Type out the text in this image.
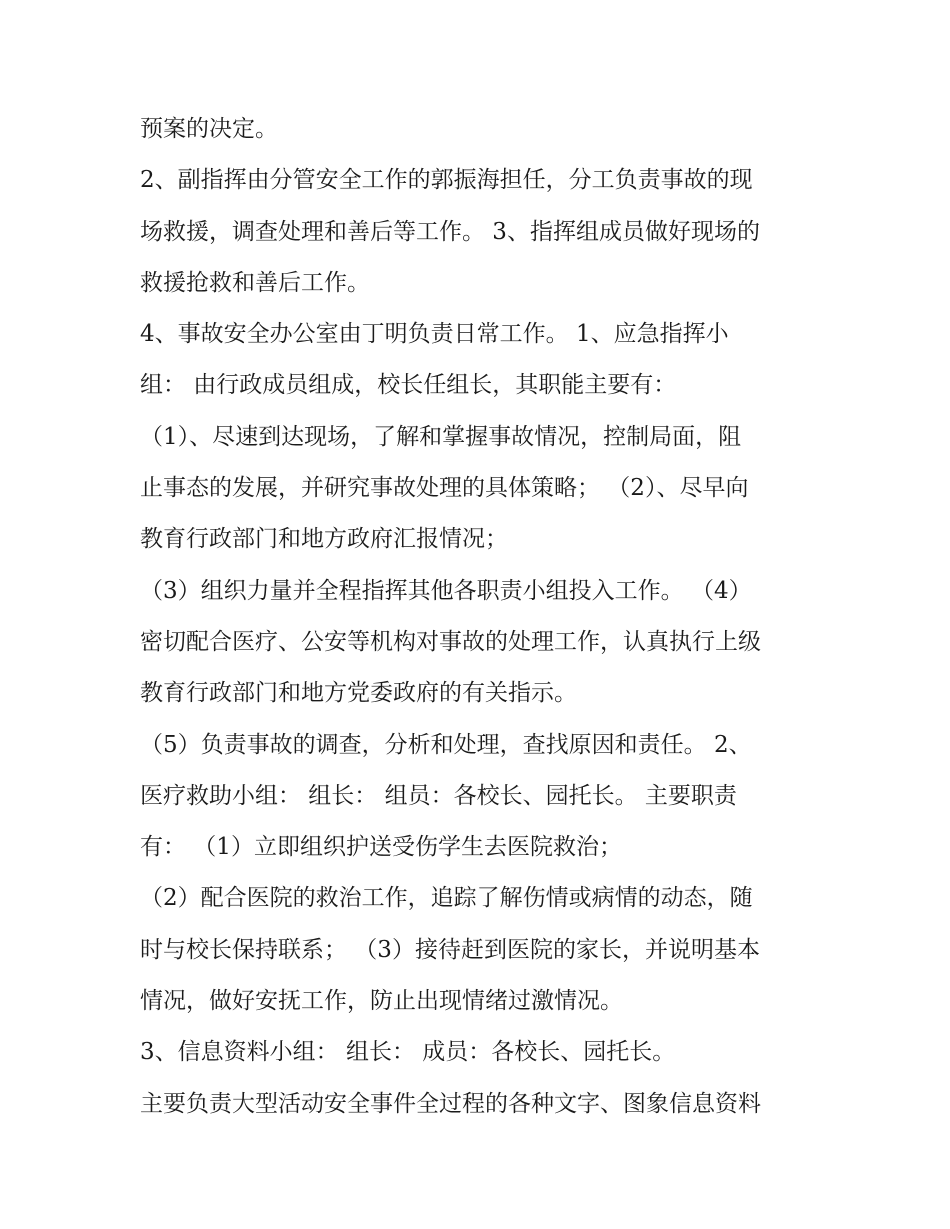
预案的决定。
2、副指挥由分管安全工作的郭振海担任，分工负责事故的现
场救援，调查处理和善后等工作。 3、指挥组成员做好现场的
救援抢救和善后工作。
4、事故安全办公室由丁明负责日常工作。 1、应急指挥小
组： 由行政成员组成，校长任组长，其职能主要有：
（1）、尽速到达现场，了解和掌握事故情况，控制局面，阻
止事态的发展，并研究事故处理的具体策略； （2）、尽早向
教育行政部门和地方政府汇报情况；
（3）组织力量并全程指挥其他各职责小组投入工作。 （4）
密切配合医疗、公安等机构对事故的处理工作，认真执行上级
教育行政部门和地方党委政府的有关指示。
（5）负责事故的调查，分析和处理，查找原因和责任。 2、
医疗救助小组： 组长： 组员：各校长、园托长。 主要职责
有： （1）立即组织护送受伤学生去医院救治；
（2）配合医院的救治工作，追踪了解伤情或病情的动态，随
时与校长保持联系； （3）接待赶到医院的家长，并说明基本
情况，做好安抚工作，防止出现情绪过激情况。
3、信息资料小组： 组长： 成员：各校长、园托长。
主要负责大型活动安全事件全过程的各种文字、图象信息资料
